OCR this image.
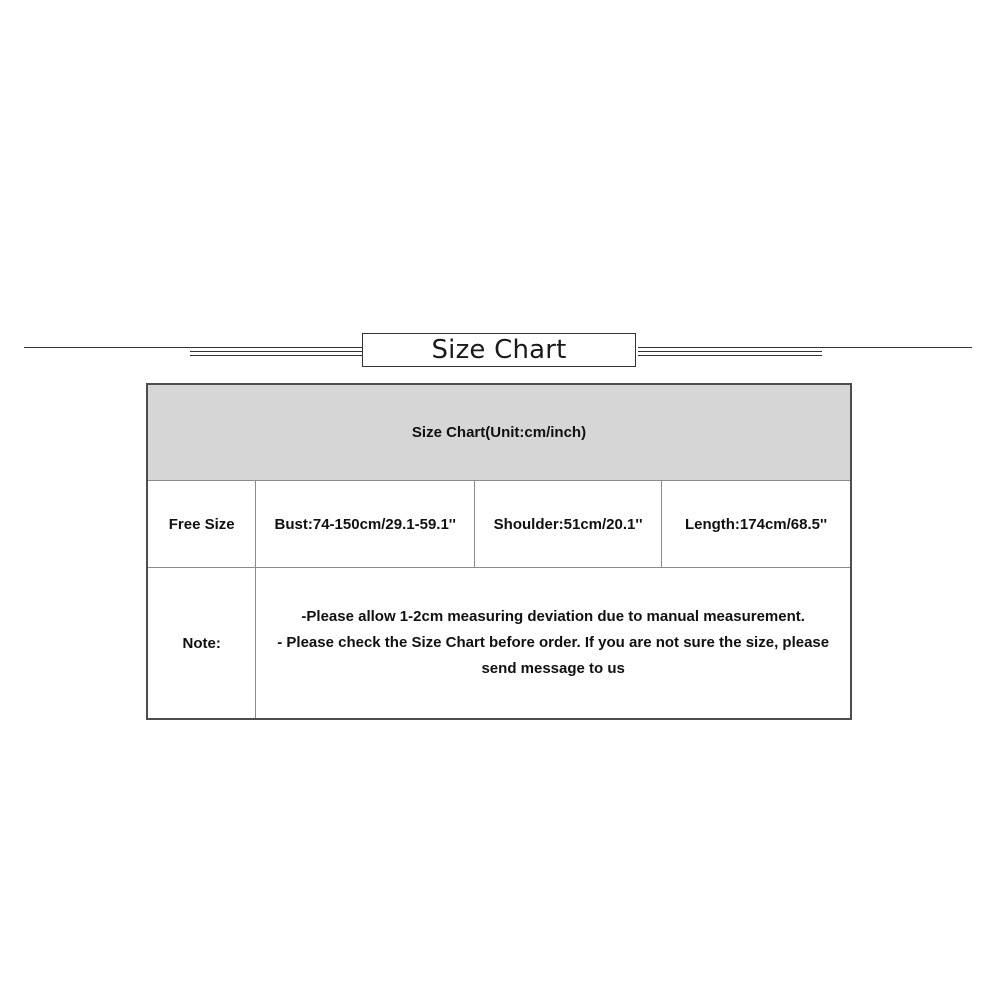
Size Chart
Size Chart(Unit:cm/inch)			
Free Size	Bust:74-150cm/29.1-59.1''	Shoulder:51cm/20.1''	Length:174cm/68.5''
Note:	-Please allow 1-2cm measuring deviation due to manual measurement.
- Please check the Size Chart before order. If you are not sure the size, please
send message to us		
